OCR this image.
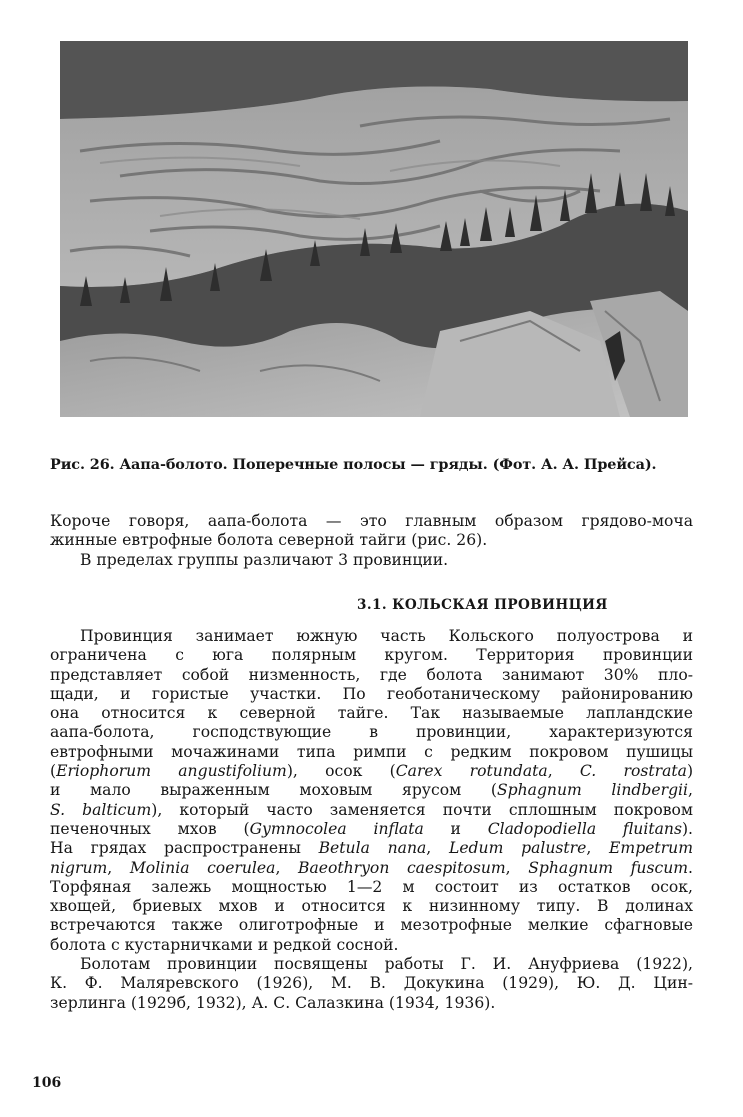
Рис. 26. Аапа-болото. Поперечные полосы — гряды. (Фот. А. А. Прейса).
Короче говоря, аапа-болота — это главным образом грядово-моча
жинные евтрофные болота северной тайги (рис. 26).
В пределах группы различают 3 провинции.
3.1. КОЛЬСКАЯ ПРОВИНЦИЯ
Провинция занимает южную часть Кольского полуострова и
ограничена с юга полярным кругом. Территория провинции
представляет собой низменность, где болота занимают 30% пло-
щади, и гористые участки. По геоботаническому районированию
она относится к северной тайге. Так называемые лапландские
аапа-болота, господствующие в провинции, характеризуются
евтрофными мочажинами типа римпи с редким покровом пушицы
(Eriophorum angustifolium), осок (Carex rotundata, C. rostrata)
и мало выраженным моховым ярусом (Sphagnum lindbergii,
S. balticum), который часто заменяется почти сплошным покровом
печеночных мхов (Gymnocolea inflata и Cladopodiella fluitans).
На грядах распространены Betula nana, Ledum palustre, Empetrum
nigrum, Molinia coerulea, Baeothryon caespitosum, Sphagnum fuscum.
Торфяная залежь мощностью 1—2 м состоит из остатков осок,
хвощей, бриевых мхов и относится к низинному типу. В долинах
встречаются также олиготрофные и мезотрофные мелкие сфагновые
болота с кустарничками и редкой сосной.
Болотам провинции посвящены работы Г. И. Ануфриева (1922),
К. Ф. Маляревского (1926), М. В. Докукина (1929), Ю. Д. Цин-
зерлинга (1929б, 1932), А. С. Салазкина (1934, 1936).
106
